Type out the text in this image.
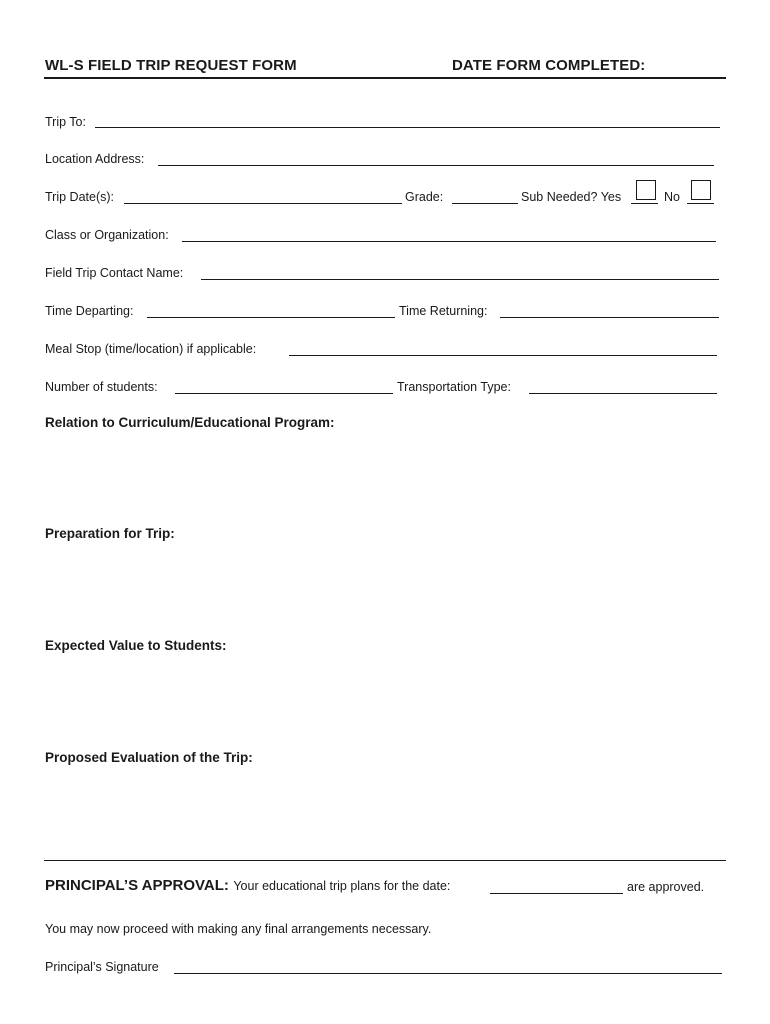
WL-S FIELD TRIP REQUEST FORM	DATE FORM COMPLETED:
Trip To:
Location Address:
Trip Date(s):	Grade:	Sub Needed? Yes	No
Class or Organization:
Field Trip Contact Name:
Time Departing:	Time Returning:
Meal Stop (time/location) if applicable:
Number of students:	Transportation Type:
Relation to Curriculum/Educational Program:
Preparation for Trip:
Expected Value to Students:
Proposed Evaluation of the Trip:
PRINCIPAL’S APPROVAL: Your educational trip plans for the date:	are approved.
You may now proceed with making any final arrangements necessary.
Principal’s Signature
